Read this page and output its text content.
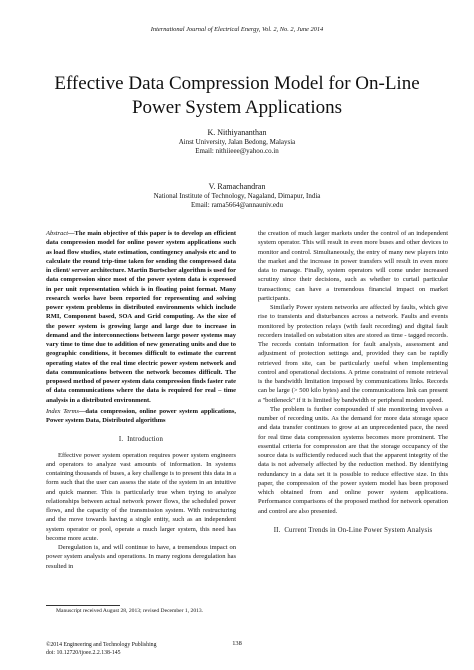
International Journal of Electrical Energy, Vol. 2, No. 2, June 2014
Effective Data Compression Model for On-Line Power System Applications
K. Nithiyananthan
Ainst University, Jalan Bedong, Malaysia
Email: nithiieee@yahoo.co.in
V. Ramachandran
National Institute of Technology, Nagaland, Dimapur, India
Email: rama5664@annauniv.edu

Abstract—The main objective of this paper is to develop an efficient data compression model for online power system applications such as load flow studies, state estimation, contingency analysis etc and to calculate the round trip-time taken for sending the compressed data in client/ server architecture. Martin Burtscher algorithm is used for data compression since most of the power system data is expressed in per unit representation which is in floating point format. Many research works have been reported for representing and solving power system problems in distributed environments which include RMI, Component based, SOA and Grid computing. As the size of the power system is growing large and large due to increase in demand and the interconnections between large power systems may vary time to time due to addition of new generating units and due to geographic conditions, it becomes difficult to estimate the current operating states of the real time electric power system network and data communications between the network becomes difficult. The proposed method of power system data compression finds faster rate of data communications where the data is required for real – time analysis in a distributed environment.

Index Terms—data compression, online power system applications, Power system Data, Distributed algorithms

I. Introduction

Effective power system operation requires power system engineers and operators to analyze vast amounts of information. In systems containing thousands of buses, a key challenge is to present this data in a form such that the user can assess the state of the system in an intuitive and quick manner. This is particularly true when trying to analyze relationships between actual network power flows, the scheduled power flows, and the capacity of the transmission system. With restructuring and the move towards having a single entity, such as an independent system operator or pool, operate a much larger system, this need has become more acute.

Deregulation is, and will continue to have, a tremendous impact on power system analysis and operations. In many regions deregulation has resulted in

the creation of much larger markets under the control of an independent system operator. This will result in even more buses and other devices to monitor and control. Simultaneously, the entry of many new players into the market and the increase in power transfers will result in even more data to manage. Finally, system operators will come under increased scrutiny since their decisions, such as whether to curtail particular transactions; can have a tremendous financial impact on market participants.

Similarly Power system networks are affected by faults, which give rise to transients and disturbances across a network. Faults and events monitored by protection relays (with fault recording) and digital fault recorders installed on substation sites are stored as time - tagged records. The records contain information for fault analysis, assessment and adjustment of protection settings and, provided they can be rapidly retrieved from site, can be particularly useful when implementing control and operational decisions. A prime constraint of remote retrieval is the bandwidth limitation imposed by communications links. Records can be large (> 500 kilo bytes) and the communications link can present a "bottleneck" if it is limited by bandwidth or peripheral modem speed.

The problem is further compounded if site monitoring involves a number of recording units. As the demand for more data storage space and data transfer continues to grow at an unprecedented pace, the need for real time data compression systems becomes more prominent. The essential criteria for compression are that the storage occupancy of the source data is sufficiently reduced such that the apparent integrity of the data is not adversely affected by the reduction method. By identifying redundancy in a data set it is possible to reduce effective size. In this paper, the compression of the power system model has been proposed which obtained from and online power system applications. Performance comparisons of the proposed method for network operation and control are also presented.

II. Current Trends in On-Line Power System Analysis

Manuscript received August 28, 2013; revised December 1, 2013.
©2014 Engineering and Technology Publishing
doi: 10.12720/ijoee.2.2.138-145
138
